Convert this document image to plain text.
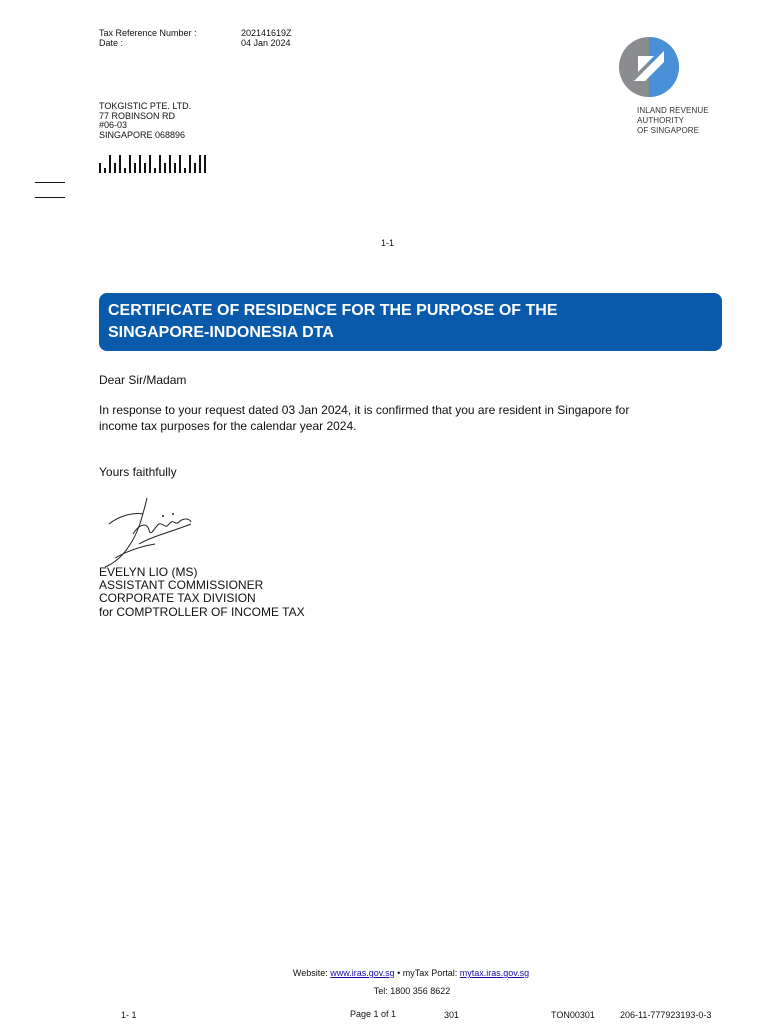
Tax Reference Number :	202141619Z
Date :	04 Jan 2024
TOKGISTIC PTE. LTD.
77 ROBINSON RD
#06-03
SINGAPORE 068896
INLAND REVENUE
AUTHORITY
OF SINGAPORE
1-1
CERTIFICATE OF RESIDENCE FOR THE PURPOSE OF THE
SINGAPORE-INDONESIA DTA
Dear Sir/Madam
In response to your request dated 03 Jan 2024, it is confirmed that you are resident in Singapore for
income tax purposes for the calendar year 2024.
Yours faithfully
EVELYN LIO (MS)
ASSISTANT COMMISSIONER
CORPORATE TAX DIVISION
for COMPTROLLER OF INCOME TAX
Website: www.iras.gov.sg • myTax Portal: mytax.iras.gov.sg
Tel: 1800 356 8622
1- 1	Page 1 of 1	301	TON00301	206-11-777923193-0-3
